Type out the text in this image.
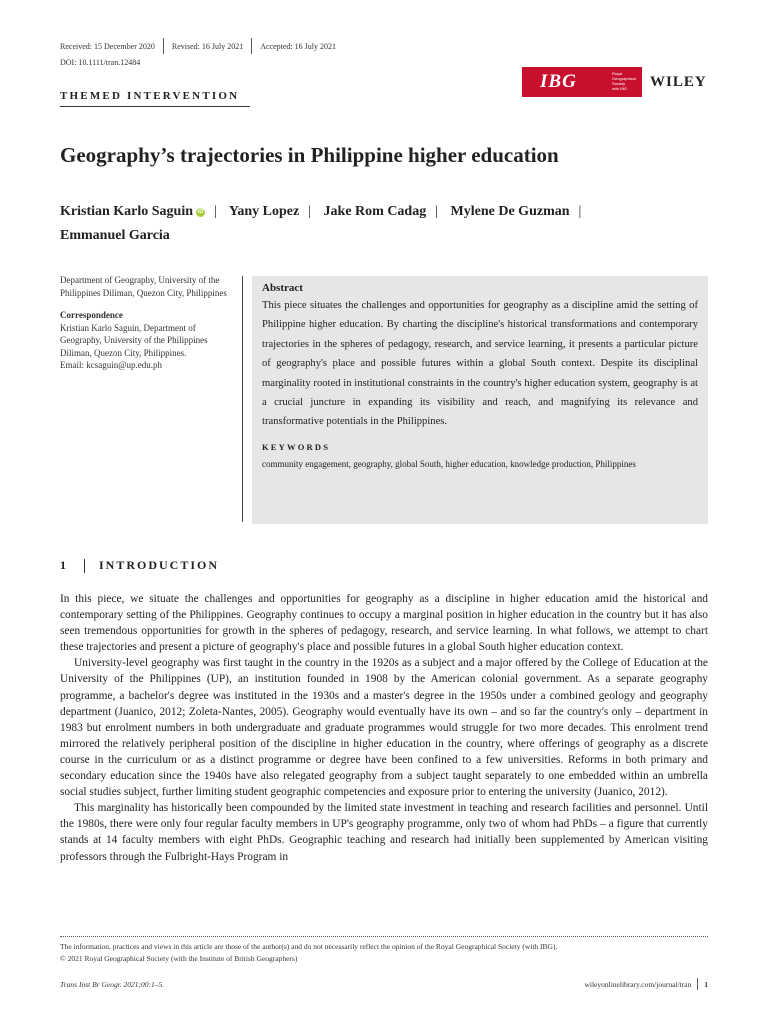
Received: 15 December 2020 Revised: 16 July 2021 Accepted: 16 July 2021
DOI: 10.1111/tran.12484
THEMED INTERVENTION
IBG	Royal
Geographical
Society
with IBG	WILEY
Geography’s trajectories in Philippine higher education
Kristian Karlo Saguin iD | Yany Lopez | Jake Rom Cadag | Mylene De Guzman |
Emmanuel Garcia
Department of Geography, University of the Philippines Diliman, Quezon City, Philippines
Correspondence
Kristian Karlo Saguin, Department of Geography, University of the Philippines Diliman, Quezon City, Philippines.
Email: kcsaguin@up.edu.ph
Abstract

This piece situates the challenges and opportunities for geography as a discipline amid the setting of Philippine higher education. By charting the discipline's historical transformations and contemporary trajectories in the spheres of pedagogy, research, and service learning, it presents a particular picture of geography's place and possible futures within a global South context. Despite its disciplinal marginality rooted in institutional constraints in the country's higher education system, geography is at a crucial juncture in expanding its visibility and reach, and magnifying its relevance and transformative potentials in the Philippines.

KEYWORDS
community engagement, geography, global South, higher education, knowledge production, Philippines
1	INTRODUCTION

In this piece, we situate the challenges and opportunities for geography as a discipline in higher education amid the historical and contemporary setting of the Philippines. Geography continues to occupy a marginal position in higher education in the country but it has also seen tremendous opportunities for growth in the spheres of pedagogy, research, and service learning. In what follows, we attempt to chart these trajectories and present a picture of geography's place and possible futures in a global South higher education context.

University-level geography was first taught in the country in the 1920s as a subject and a major offered by the College of Education at the University of the Philippines (UP), an institution founded in 1908 by the American colonial government. As a separate geography programme, a bachelor's degree was instituted in the 1930s and a master's degree in the 1950s under a combined geology and geography department (Juanico, 2012; Zoleta-Nantes, 2005). Geography would eventually have its own – and so far the country's only – department in 1983 but enrolment numbers in both undergraduate and graduate programmes would struggle for two more decades. This enrolment trend mirrored the relatively peripheral position of the discipline in higher education in the country, where offerings of geography as a discrete course in the curriculum or as a distinct programme or degree have been confined to a few universities. Reforms in both primary and secondary education since the 1940s have also relegated geography from a subject taught separately to one embedded within an umbrella social studies subject, further limiting student geographic competencies and exposure prior to entering the university (Juanico, 2012).

This marginality has historically been compounded by the limited state investment in teaching and research facilities and personnel. Until the 1980s, there were only four regular faculty members in UP's geography programme, only two of whom had PhDs – a figure that currently stands at 14 faculty members with eight PhDs. Geographic teaching and research had initially been supplemented by American visiting professors through the Fulbright-Hays Program in

The information, practices and views in this article are those of the author(s) and do not necessarily reflect the opinion of the Royal Geographical Society (with IBG).
© 2021 Royal Geographical Society (with the Institute of British Geographers)
Trans Inst Br Geogr. 2021;00:1–5.	wileyonlinelibrary.com/journal/tran 1
